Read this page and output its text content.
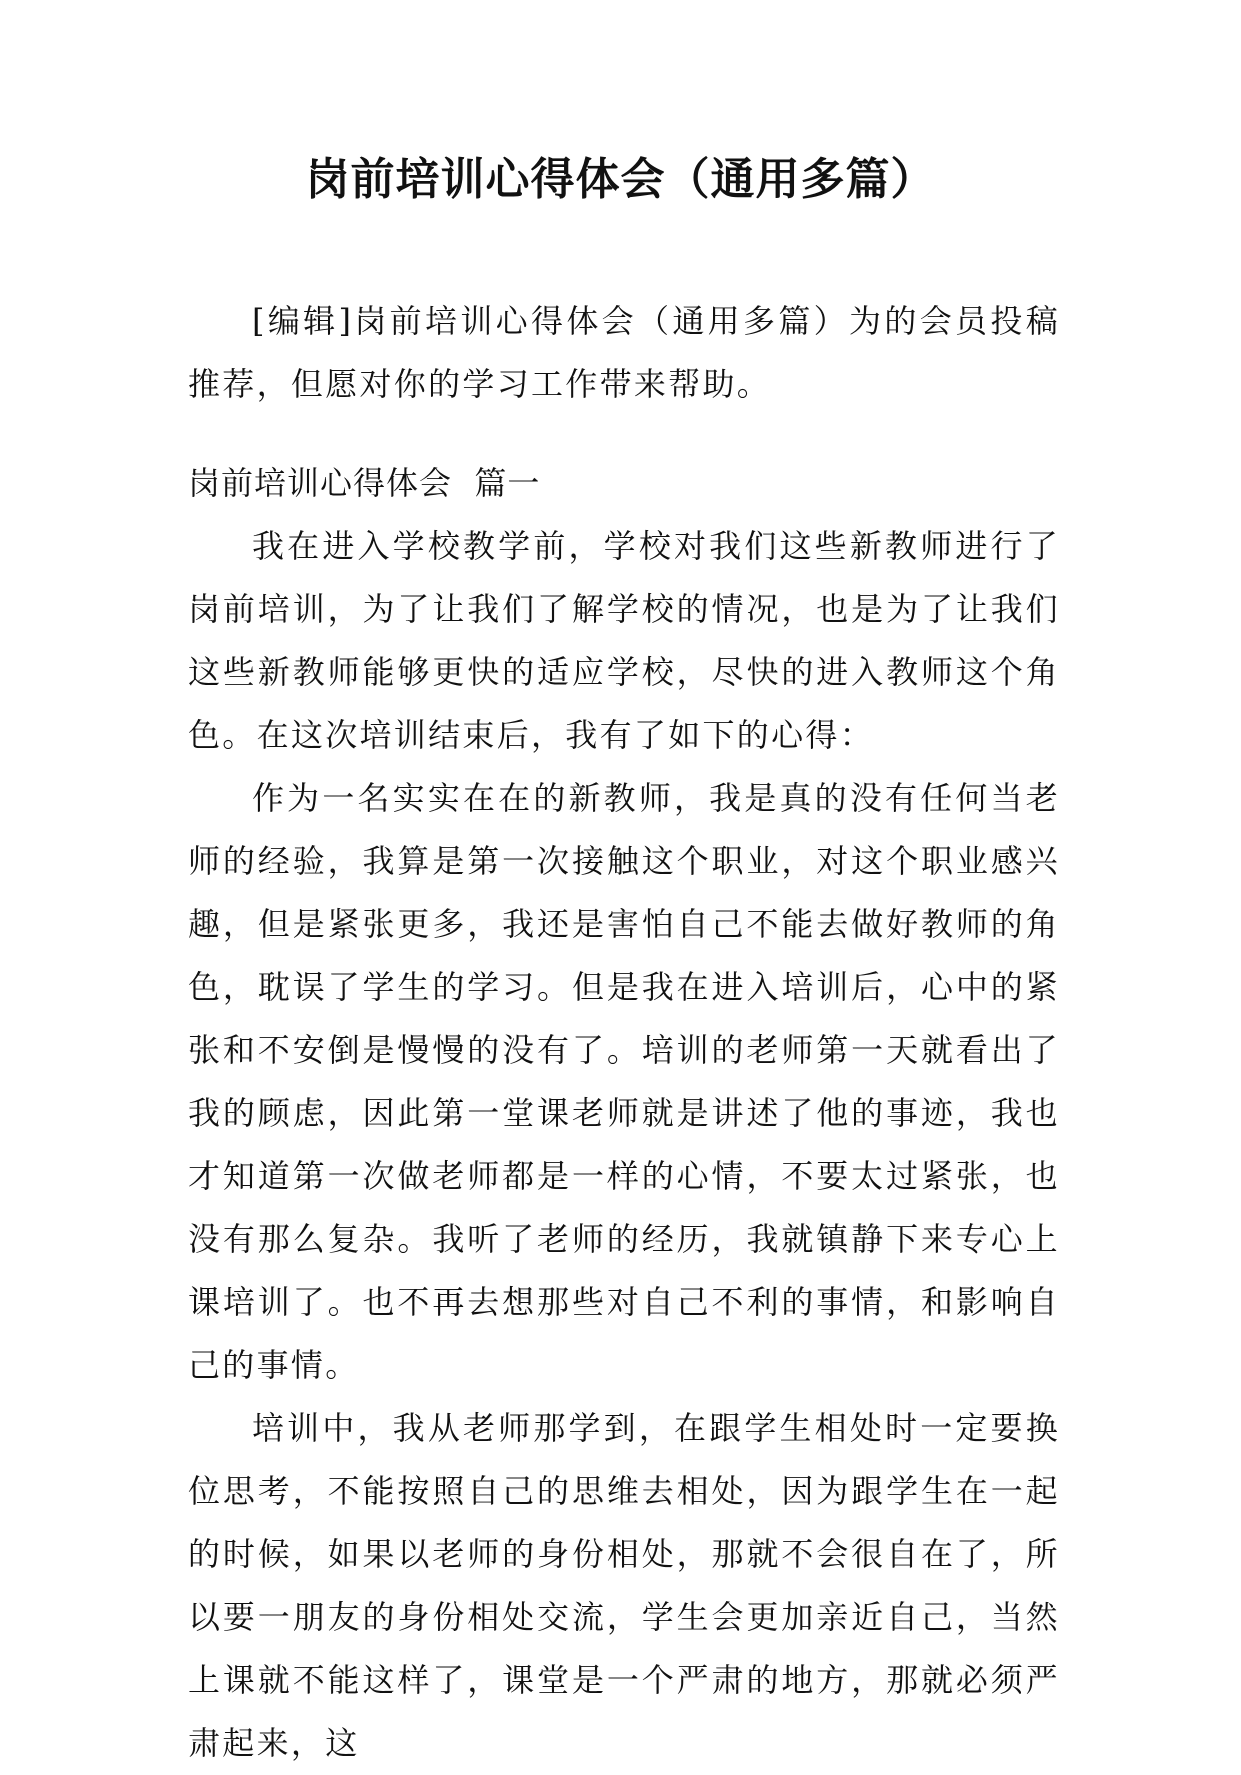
岗前培训心得体会（通用多篇）

[编辑]岗前培训心得体会（通用多篇）为的会员投稿推荐，但愿对你的学习工作带来帮助。

岗前培训心得体会  篇一

我在进入学校教学前，学校对我们这些新教师进行了岗前培训，为了让我们了解学校的情况，也是为了让我们这些新教师能够更快的适应学校，尽快的进入教师这个角色。在这次培训结束后，我有了如下的心得：

作为一名实实在在的新教师，我是真的没有任何当老师的经验，我算是第一次接触这个职业，对这个职业感兴趣，但是紧张更多，我还是害怕自己不能去做好教师的角色，耽误了学生的学习。但是我在进入培训后，心中的紧张和不安倒是慢慢的没有了。培训的老师第一天就看出了我的顾虑，因此第一堂课老师就是讲述了他的事迹，我也才知道第一次做老师都是一样的心情，不要太过紧张，也没有那么复杂。我听了老师的经历，我就镇静下来专心上课培训了。也不再去想那些对自己不利的事情，和影响自己的事情。

培训中，我从老师那学到，在跟学生相处时一定要换位思考，不能按照自己的思维去相处，因为跟学生在一起的时候，如果以老师的身份相处，那就不会很自在了，所以要一朋友的身份相处交流，学生会更加亲近自己，当然上课就不能这样了，课堂是一个严肃的地方，那就必须严肃起来，这
